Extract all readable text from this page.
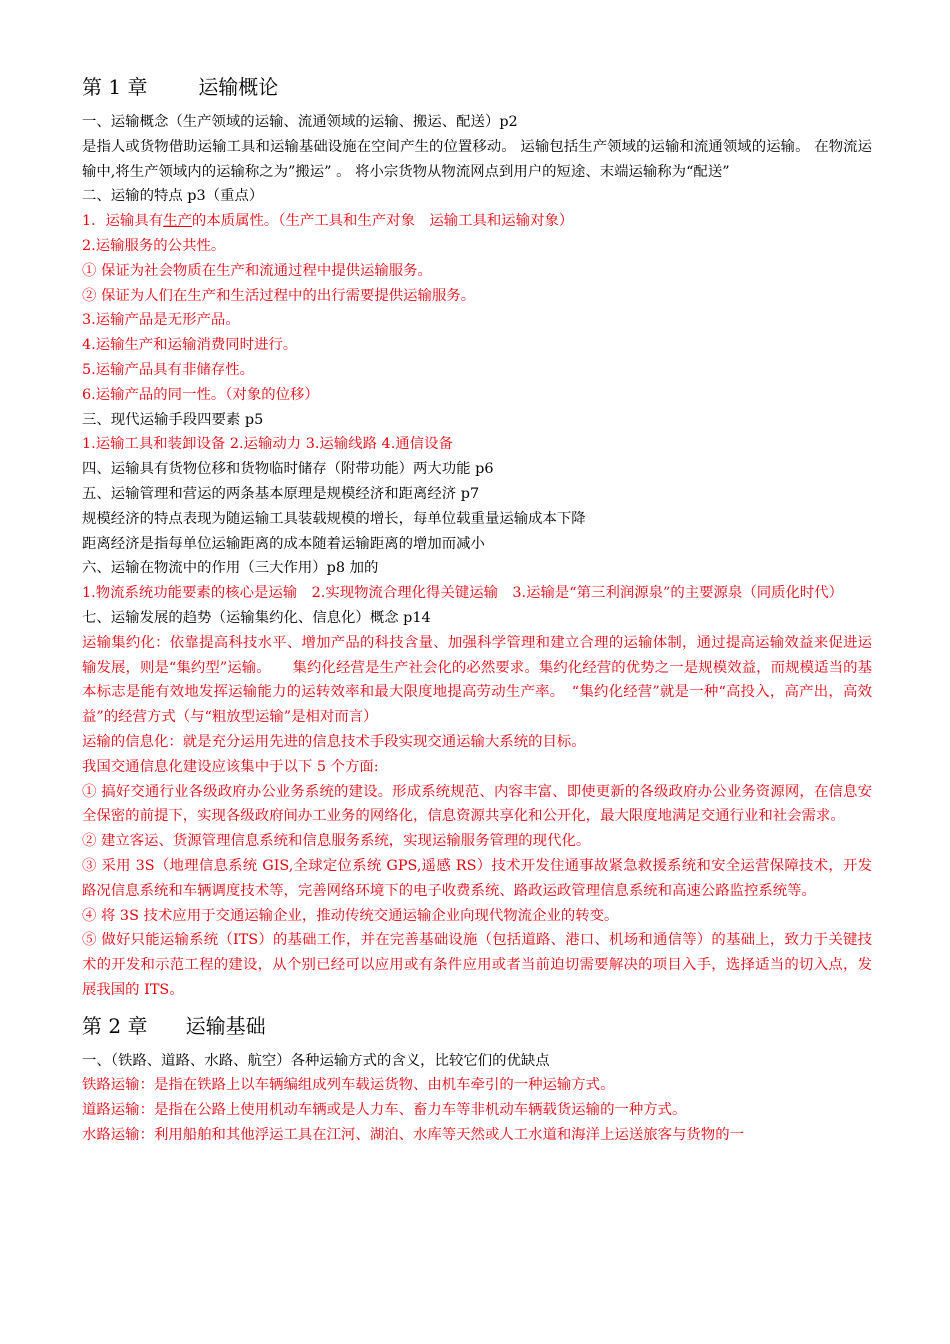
第 1 章	运输概论

一、运输概念（生产领域的运输、流通领域的运输、搬运、配送）p2

是指人或货物借助运输工具和运输基础设施在空间产生的位置移动。 运输包括生产领域的运输和流通领域的运输。 在物流运输中,将生产领域内的运输称之为”搬运” 。 将小宗货物从物流网点到用户的短途、末端运输称为“配送”

二、运输的特点 p3（重点）

1．运输具有生产的本质属性。（生产工具和生产对象　运输工具和运输对象）

2.运输服务的公共性。

① 保证为社会物质在生产和流通过程中提供运输服务。

② 保证为人们在生产和生活过程中的出行需要提供运输服务。

3.运输产品是无形产品。

4.运输生产和运输消费同时进行。

5.运输产品具有非储存性。

6.运输产品的同一性。（对象的位移）

三、现代运输手段四要素 p5

1.运输工具和装卸设备 2.运输动力 3.运输线路 4.通信设备

四、运输具有货物位移和货物临时储存（附带功能）两大功能 p6

五、运输管理和营运的两条基本原理是规模经济和距离经济 p7

规模经济的特点表现为随运输工具装载规模的增长，每单位载重量运输成本下降

距离经济是指每单位运输距离的成本随着运输距离的增加而减小

六、运输在物流中的作用（三大作用）p8 加的

1.物流系统功能要素的核心是运输　2.实现物流合理化得关键运输　3.运输是“第三利润源泉”的主要源泉（同质化时代）

七、运输发展的趋势（运输集约化、信息化）概念 p14

运输集约化：依靠提高科技水平、增加产品的科技含量、加强科学管理和建立合理的运输体制，通过提高运输效益来促进运输发展，则是“集约型”运输。　　集约化经营是生产社会化的必然要求。集约化经营的优势之一是规模效益，而规模适当的基本标志是能有效地发挥运输能力的运转效率和最大限度地提高劳动生产率。　“集约化经营”就是一种“高投入，高产出，高效益”的经营方式（与“粗放型运输”是相对而言）

运输的信息化：就是充分运用先进的信息技术手段实现交通运输大系统的目标。

我国交通信息化建设应该集中于以下 5 个方面:

① 搞好交通行业各级政府办公业务系统的建设。形成系统规范、内容丰富、即使更新的各级政府办公业务资源网，在信息安全保密的前提下，实现各级政府间办工业务的网络化，信息资源共享化和公开化，最大限度地满足交通行业和社会需求。

② 建立客运、货源管理信息系统和信息服务系统，实现运输服务管理的现代化。

③ 采用 3S（地理信息系统 GIS,全球定位系统 GPS,遥感 RS）技术开发住通事故紧急救援系统和安全运营保障技术，开发路况信息系统和车辆调度技术等，完善网络环境下的电子收费系统、路政运政管理信息系统和高速公路监控系统等。

④ 将 3S 技术应用于交通运输企业，推动传统交通运输企业向现代物流企业的转变。

⑤ 做好只能运输系统（ITS）的基础工作，并在完善基础设施（包括道路、港口、机场和通信等）的基础上，致力于关键技术的开发和示范工程的建设，从个别已经可以应用或有条件应用或者当前迫切需要解决的项目入手，选择适当的切入点，发展我国的 ITS。

第 2 章 运输基础

一、（铁路、道路、水路、航空）各种运输方式的含义，比较它们的优缺点

铁路运输：是指在铁路上以车辆编组成列车载运货物、由机车牵引的一种运输方式。

道路运输：是指在公路上使用机动车辆或是人力车、畜力车等非机动车辆载货运输的一种方式。

水路运输：利用船舶和其他浮运工具在江河、湖泊、水库等天然或人工水道和海洋上运送旅客与货物的一
